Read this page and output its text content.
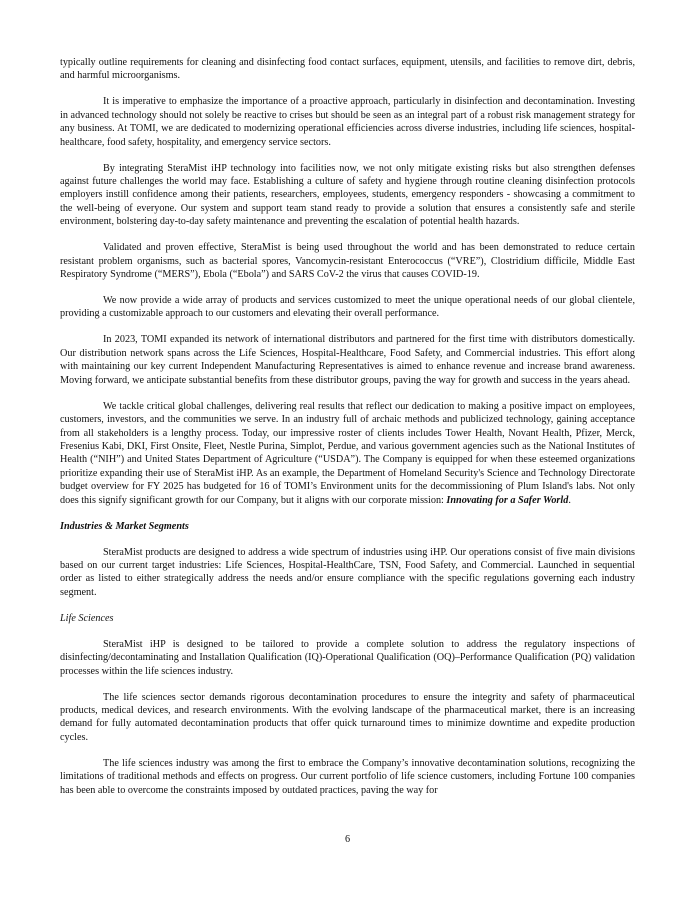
typically outline requirements for cleaning and disinfecting food contact surfaces, equipment, utensils, and facilities to remove dirt, debris, and harmful microorganisms.

It is imperative to emphasize the importance of a proactive approach, particularly in disinfection and decontamination. Investing in advanced technology should not solely be reactive to crises but should be seen as an integral part of a robust risk management strategy for any business. At TOMI, we are dedicated to modernizing operational efficiencies across diverse industries, including life sciences, hospital-healthcare, food safety, hospitality, and emergency service sectors.

By integrating SteraMist iHP technology into facilities now, we not only mitigate existing risks but also strengthen defenses against future challenges the world may face. Establishing a culture of safety and hygiene through routine cleaning disinfection protocols employers instill confidence among their patients, researchers, employees, students, emergency responders - showcasing a commitment to the well-being of everyone. Our system and support team stand ready to provide a solution that ensures a consistently safe and sterile environment, bolstering day-to-day safety maintenance and preventing the escalation of potential health hazards.

Validated and proven effective, SteraMist is being used throughout the world and has been demonstrated to reduce certain resistant problem organisms, such as bacterial spores, Vancomycin-resistant Enterococcus (“VRE”), Clostridium difficile, Middle East Respiratory Syndrome (“MERS”), Ebola (“Ebola”) and SARS CoV-2 the virus that causes COVID-19.

We now provide a wide array of products and services customized to meet the unique operational needs of our global clientele, providing a customizable approach to our customers and elevating their overall performance.

In 2023, TOMI expanded its network of international distributors and partnered for the first time with distributors domestically. Our distribution network spans across the Life Sciences, Hospital-Healthcare, Food Safety, and Commercial industries. This effort along with maintaining our key current Independent Manufacturing Representatives is aimed to enhance revenue and increase brand awareness. Moving forward, we anticipate substantial benefits from these distributor groups, paving the way for growth and success in the years ahead.

We tackle critical global challenges, delivering real results that reflect our dedication to making a positive impact on employees, customers, investors, and the communities we serve. In an industry full of archaic methods and publicized technology, gaining acceptance from all stakeholders is a lengthy process. Today, our impressive roster of clients includes Tower Health, Novant Health, Pfizer, Merck, Fresenius Kabi, DKI, First Onsite, Fleet, Nestle Purina, Simplot, Perdue, and various government agencies such as the National Institutes of Health (“NIH”) and United States Department of Agriculture (“USDA”). The Company is equipped for when these esteemed organizations prioritize expanding their use of SteraMist iHP. As an example, the Department of Homeland Security's Science and Technology Directorate budget overview for FY 2025 has budgeted for 16 of TOMI’s Environment units for the decommissioning of Plum Island's labs. Not only does this signify significant growth for our Company, but it aligns with our corporate mission: Innovating for a Safer World.

Industries & Market Segments

SteraMist products are designed to address a wide spectrum of industries using iHP. Our operations consist of five main divisions based on our current target industries: Life Sciences, Hospital-HealthCare, TSN, Food Safety, and Commercial. Launched in sequential order as listed to either strategically address the needs and/or ensure compliance with the specific regulations governing each industry segment.

Life Sciences

SteraMist iHP is designed to be tailored to provide a complete solution to address the regulatory inspections of disinfecting/decontaminating and Installation Qualification (IQ)-Operational Qualification (OQ)–Performance Qualification (PQ) validation processes within the life sciences industry.

The life sciences sector demands rigorous decontamination procedures to ensure the integrity and safety of pharmaceutical products, medical devices, and research environments. With the evolving landscape of the pharmaceutical market, there is an increasing demand for fully automated decontamination products that offer quick turnaround times to minimize downtime and expedite production cycles.

The life sciences industry was among the first to embrace the Company’s innovative decontamination solutions, recognizing the limitations of traditional methods and effects on progress. Our current portfolio of life science customers, including Fortune 100 companies has been able to overcome the constraints imposed by outdated practices, paving the way for

6
